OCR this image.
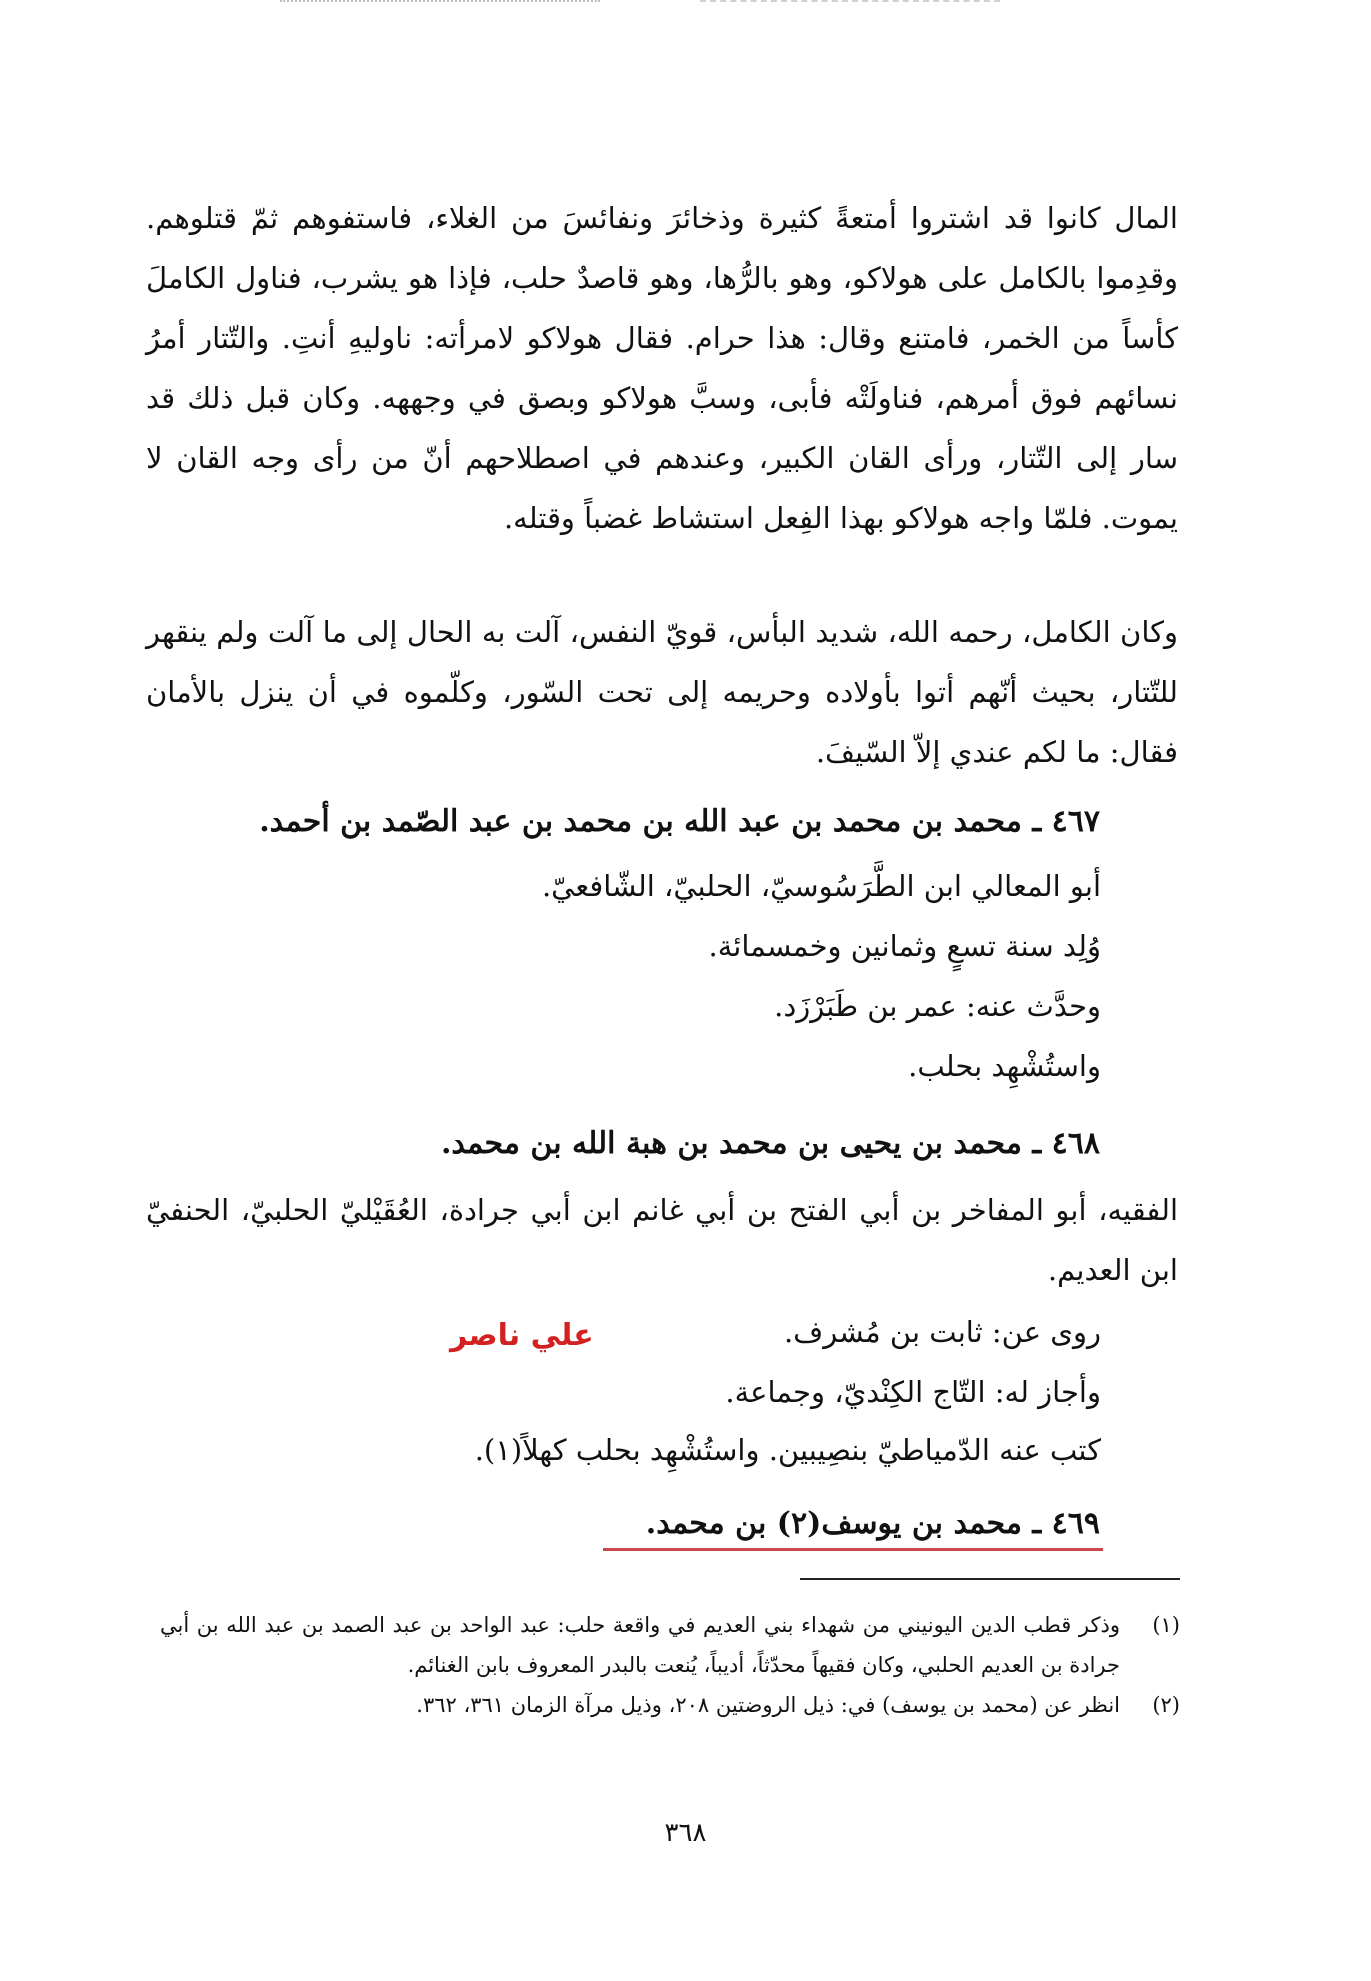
المال كانوا قد اشتروا أمتعةً كثيرة وذخائرَ ونفائسَ من الغلاء، فاستفوهم ثمّ قتلوهم. وقدِموا بالكامل على هولاكو، وهو بالرُّها، وهو قاصدٌ حلب، فإذا هو يشرب، فناول الكاملَ كأساً من الخمر، فامتنع وقال: هذا حرام. فقال هولاكو لامرأته: ناوليهِ أنتِ. والتّتار أمرُ نسائهم فوق أمرهم، فناولَتْه فأبى، وسبَّ هولاكو وبصق في وجههه. وكان قبل ذلك قد سار إلى التّتار، ورأى القان الكبير، وعندهم في اصطلاحهم أنّ من رأى وجه القان لا يموت. فلمّا واجه هولاكو بهذا الفِعل استشاط غضباً وقتله.

وكان الكامل، رحمه الله، شديد البأس، قويّ النفس، آلت به الحال إلى ما آلت ولم ينقهر للتّتار، بحيث أنّهم أتوا بأولاده وحريمه إلى تحت السّور، وكلّموه في أن ينزل بالأمان فقال: ما لكم عندي إلاّ السّيفَ.

٤٦٧ ـ محمد بن محمد بن عبد الله بن محمد بن عبد الصّمد بن أحمد.
أبو المعالي ابن الطَّرَسُوسيّ، الحلبيّ، الشّافعيّ.
وُلِد سنة تسعٍ وثمانين وخمسمائة.
وحدَّث عنه: عمر بن طَبَرْزَد.
واستُشْهِد بحلب.
٤٦٨ ـ محمد بن يحيى بن محمد بن هبة الله بن محمد.
الفقيه، أبو المفاخر بن أبي الفتح بن أبي غانم ابن أبي جرادة، العُقَيْليّ الحلبيّ، الحنفيّ ابن العديم.
روى عن: ثابت بن مُشرف.
وأجاز له: التّاج الكِنْديّ، وجماعة.
كتب عنه الدّمياطيّ بنصِيبين. واستُشْهِد بحلب كهلاً(١).
علي ناصر
٤٦٩ ـ محمد بن يوسف(٢) بن محمد.
(١)
وذكر قطب الدين اليونيني من شهداء بني العديم في واقعة حلب: عبد الواحد بن عبد الصمد بن عبد الله بن أبي جرادة بن العديم الحلبي، وكان فقيهاً محدّثاً، أديباً، يُنعت بالبدر المعروف بابن الغنائم.
(٢)
انظر عن (محمد بن يوسف) في: ذيل الروضتين ٢٠٨، وذيل مرآة الزمان ٣٦١، ٣٦٢.
٣٦٨
